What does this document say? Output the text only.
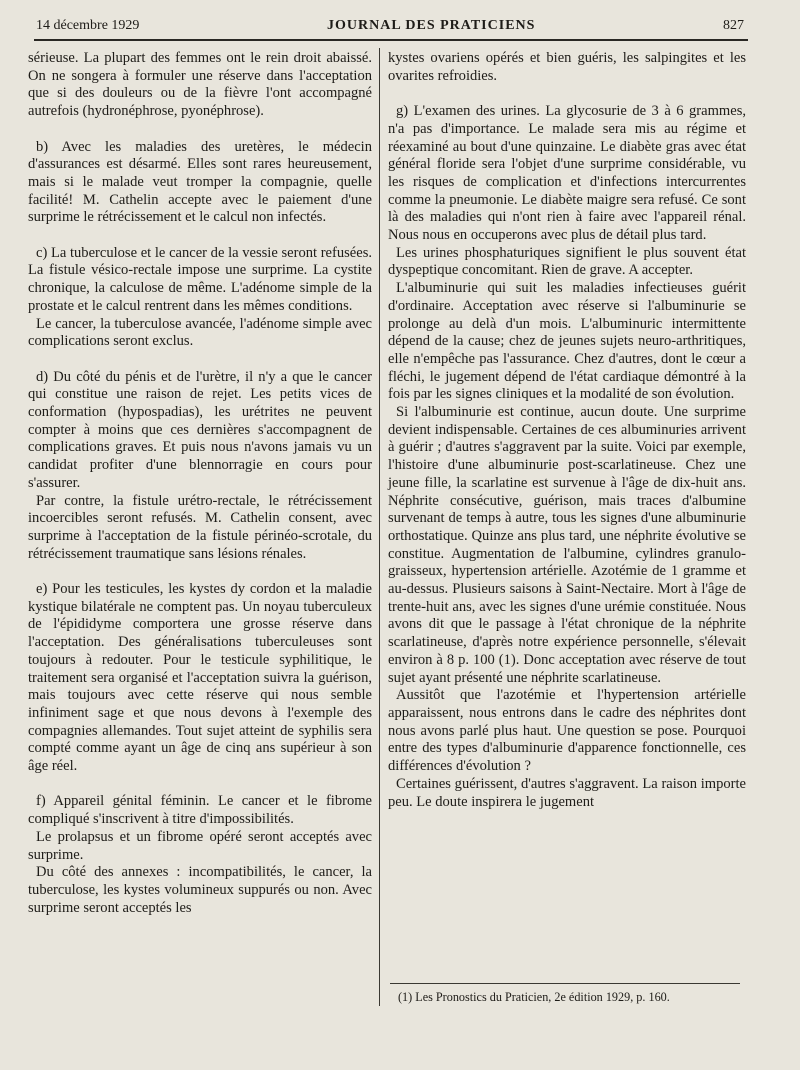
14 décembre 1929	JOURNAL DES PRATICIENS	827

sérieuse. La plupart des femmes ont le rein droit abaissé. On ne songera à formuler une réserve dans l'acceptation que si des douleurs ou de la fièvre l'ont accompagné autrefois (hydronéphrose, pyonéphrose).

b) Avec les maladies des uretères, le médecin d'assurances est désarmé. Elles sont rares heureusement, mais si le malade veut tromper la compagnie, quelle facilité! M. Cathelin accepte avec le paiement d'une surprime le rétrécissement et le calcul non infectés.

c) La tuberculose et le cancer de la vessie seront refusées. La fistule vésico-rectale impose une surprime. La cystite chronique, la calculose de même. L'adénome simple de la prostate et le calcul rentrent dans les mêmes conditions.

Le cancer, la tuberculose avancée, l'adénome simple avec complications seront exclus.

d) Du côté du pénis et de l'urètre, il n'y a que le cancer qui constitue une raison de rejet. Les petits vices de conformation (hypospadias), les urétrites ne peuvent compter à moins que ces dernières s'accompagnent de complications graves. Et puis nous n'avons jamais vu un candidat profiter d'une blennorragie en cours pour s'assurer.

Par contre, la fistule urétro-rectale, le rétrécissement incoercibles seront refusés. M. Cathelin consent, avec surprime à l'acceptation de la fistule périnéo-scrotale, du rétrécissement traumatique sans lésions rénales.

e) Pour les testicules, les kystes dy cordon et la maladie kystique bilatérale ne comptent pas. Un noyau tuberculeux de l'épididyme comportera une grosse réserve dans l'acceptation. Des généralisations tuberculeuses sont toujours à redouter. Pour le testicule syphilitique, le traitement sera organisé et l'acceptation suivra la guérison, mais toujours avec cette réserve qui nous semble infiniment sage et que nous devons à l'exemple des compagnies allemandes. Tout sujet atteint de syphilis sera compté comme ayant un âge de cinq ans supérieur à son âge réel.

f) Appareil génital féminin. Le cancer et le fibrome compliqué s'inscrivent à titre d'impossibilités.

Le prolapsus et un fibrome opéré seront acceptés avec surprime.

Du côté des annexes : incompatibilités, le cancer, la tuberculose, les kystes volumineux suppurés ou non. Avec surprime seront acceptés les

kystes ovariens opérés et bien guéris, les salpingites et les ovarites refroidies.

g) L'examen des urines. La glycosurie de 3 à 6 grammes, n'a pas d'importance. Le malade sera mis au régime et réexaminé au bout d'une quinzaine. Le diabète gras avec état général floride sera l'objet d'une surprime considérable, vu les risques de complication et d'infections intercurrentes comme la pneumonie. Le diabète maigre sera refusé. Ce sont là des maladies qui n'ont rien à faire avec l'appareil rénal. Nous nous en occuperons avec plus de détail plus tard.

Les urines phosphaturiques signifient le plus souvent état dyspeptique concomitant. Rien de grave. A accepter.

L'albuminurie qui suit les maladies infectieuses guérit d'ordinaire. Acceptation avec réserve si l'albuminurie se prolonge au delà d'un mois. L'albuminuric intermittente dépend de la cause; chez de jeunes sujets neuro-arthritiques, elle n'empêche pas l'assurance. Chez d'autres, dont le cœur a fléchi, le jugement dépend de l'état cardiaque démontré à la fois par les signes cliniques et la modalité de son évolution.

Si l'albuminurie est continue, aucun doute. Une surprime devient indispensable. Certaines de ces albuminuries arrivent à guérir ; d'autres s'aggravent par la suite. Voici par exemple, l'histoire d'une albuminurie post-scarlatineuse. Chez une jeune fille, la scarlatine est survenue à l'âge de dix-huit ans. Néphrite consécutive, guérison, mais traces d'albumine survenant de temps à autre, tous les signes d'une albuminurie orthostatique. Quinze ans plus tard, une néphrite évolutive se constitue. Augmentation de l'albumine, cylindres granulo-graisseux, hypertension artérielle. Azotémie de 1 gramme et au-dessus. Plusieurs saisons à Saint-Nectaire. Mort à l'âge de trente-huit ans, avec les signes d'une urémie constituée. Nous avons dit que le passage à l'état chronique de la néphrite scarlatineuse, d'après notre expérience personnelle, s'élevait environ à 8 p. 100 (1). Donc acceptation avec réserve de tout sujet ayant présenté une néphrite scarlatineuse.

Aussitôt que l'azotémie et l'hypertension artérielle apparaissent, nous entrons dans le cadre des néphrites dont nous avons parlé plus haut. Une question se pose. Pourquoi entre des types d'albuminurie d'apparence fonctionnelle, ces différences d'évolution ?

Certaines guérissent, d'autres s'aggravent. La raison importe peu. Le doute inspirera le jugement

(1) Les Pronostics du Praticien, 2e édition 1929, p. 160.
